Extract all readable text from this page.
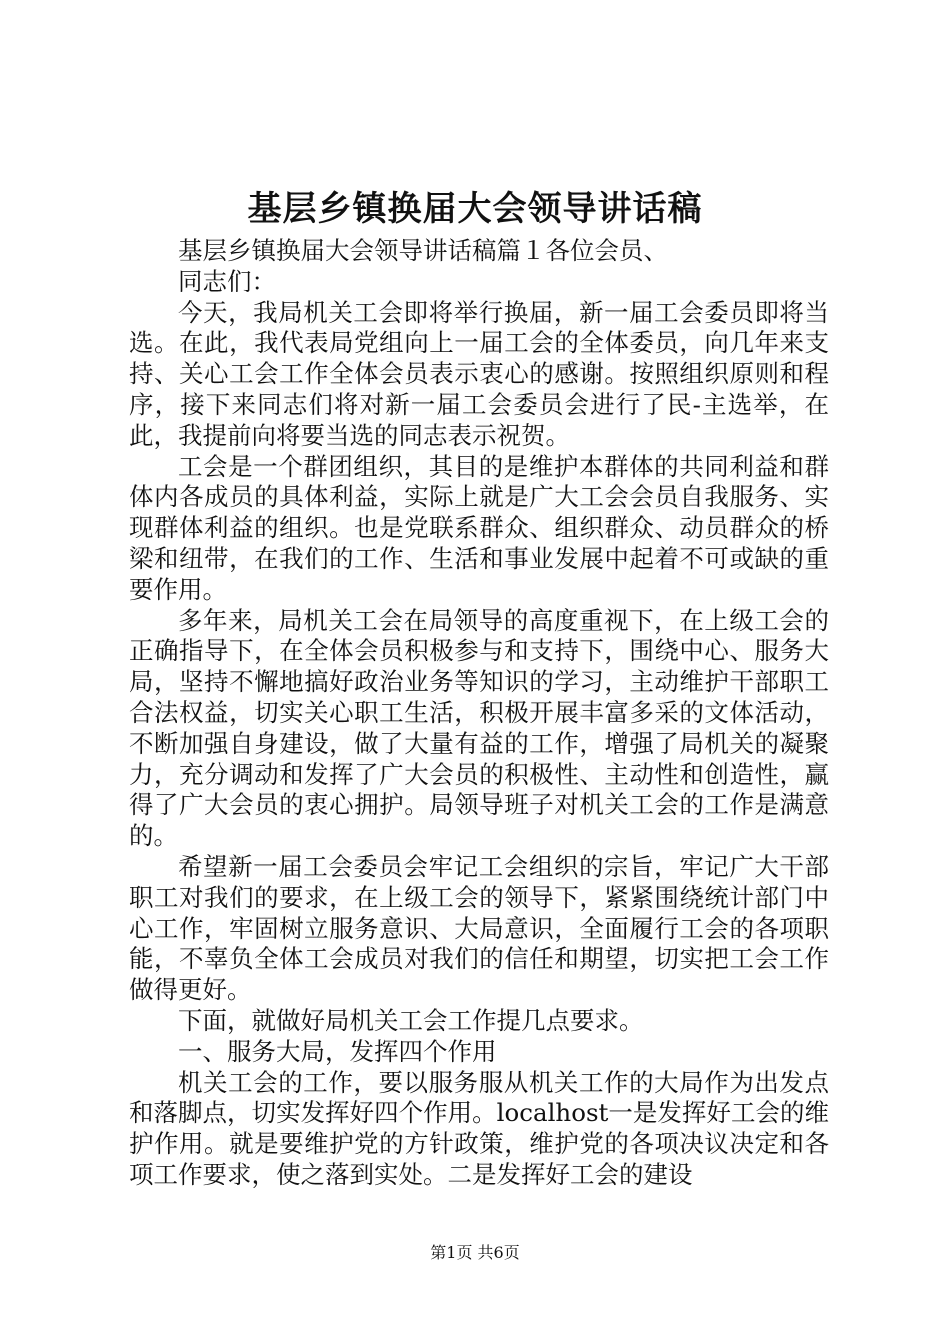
基层乡镇换届大会领导讲话稿

基层乡镇换届大会领导讲话稿篇１各位会员、

同志们：

今天，我局机关工会即将举行换届，新一届工会委员即将当选。在此，我代表局党组向上一届工会的全体委员，向几年来支持、关心工会工作全体会员表示衷心的感谢。按照组织原则和程序，接下来同志们将对新一届工会委员会进行了民-主选举，在此，我提前向将要当选的同志表示祝贺。

工会是一个群团组织，其目的是维护本群体的共同利益和群体内各成员的具体利益，实际上就是广大工会会员自我服务、实现群体利益的组织。也是党联系群众、组织群众、动员群众的桥梁和纽带，在我们的工作、生活和事业发展中起着不可或缺的重要作用。

多年来，局机关工会在局领导的高度重视下，在上级工会的正确指导下，在全体会员积极参与和支持下，围绕中心、服务大局，坚持不懈地搞好政治业务等知识的学习，主动维护干部职工合法权益，切实关心职工生活，积极开展丰富多采的文体活动，不断加强自身建设，做了大量有益的工作，增强了局机关的凝聚力，充分调动和发挥了广大会员的积极性、主动性和创造性，赢得了广大会员的衷心拥护。局领导班子对机关工会的工作是满意的。

希望新一届工会委员会牢记工会组织的宗旨，牢记广大干部职工对我们的要求，在上级工会的领导下，紧紧围绕统计部门中心工作，牢固树立服务意识、大局意识，全面履行工会的各项职能，不辜负全体工会成员对我们的信任和期望，切实把工会工作做得更好。

下面，就做好局机关工会工作提几点要求。

一、服务大局，发挥四个作用

机关工会的工作，要以服务服从机关工作的大局作为出发点和落脚点，切实发挥好四个作用。localhost一是发挥好工会的维护作用。就是要维护党的方针政策，维护党的各项决议决定和各项工作要求，使之落到实处。二是发挥好工会的建设

第1页 共6页
